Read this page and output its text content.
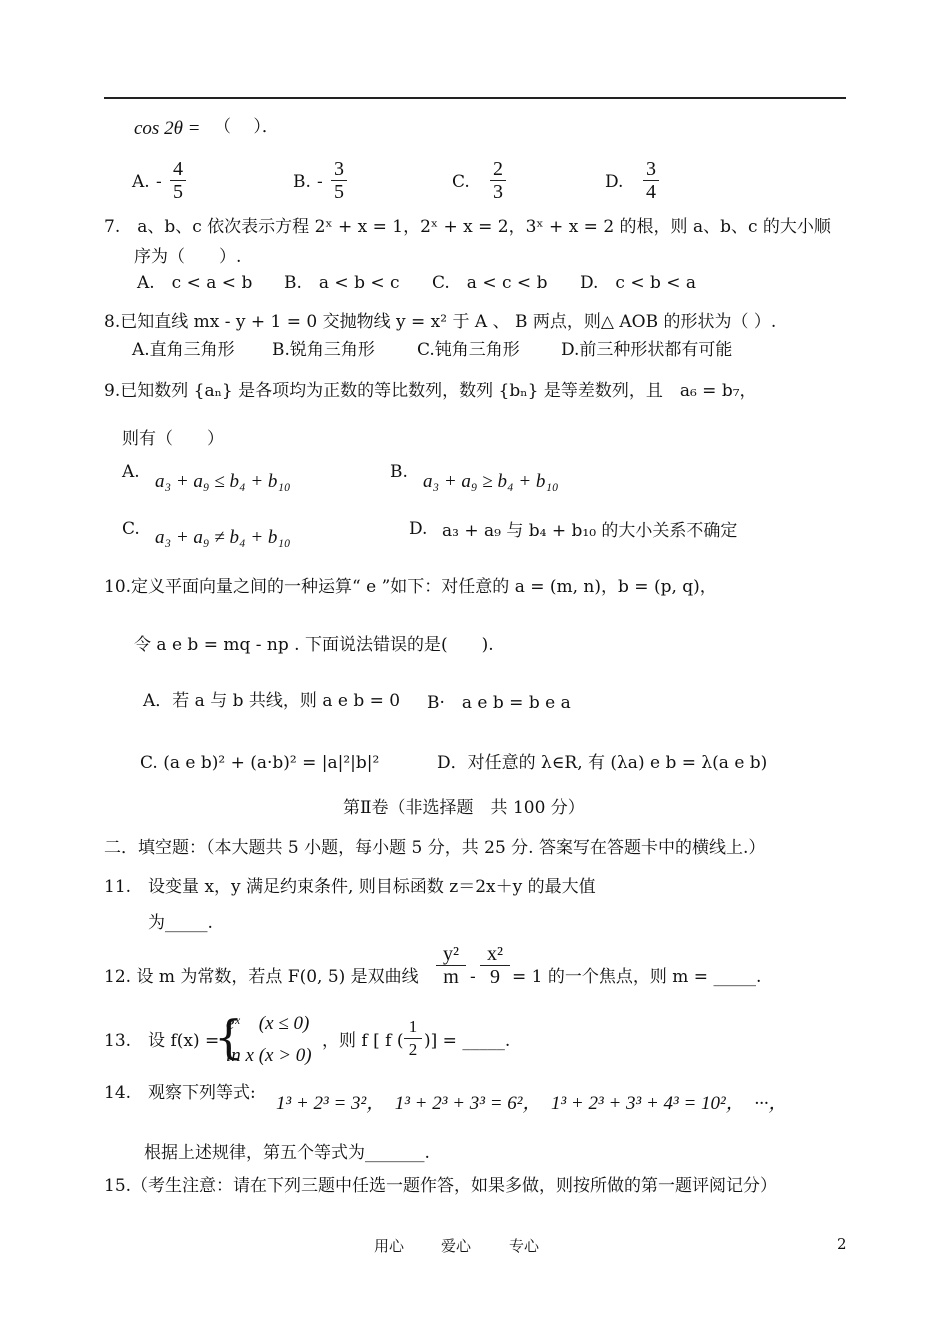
cos 2θ = （　 ）．
A. - $\frac{4}{5}$	B. - $\frac{3}{5}$	C. $\frac{2}{3}$	D. $\frac{3}{4}$
7.　a、b、c 依次表示方程 2ˣ + x = 1，2ˣ + x = 2，3ˣ + x = 2 的根，则 a、b、c 的大小顺
序为（　　）.
A.　c < a < b B.　a < b < c C.　a < c < b D.　c < b < a
8.已知直线 mx - y + 1 = 0 交抛物线 y = x² 于 A 、 B 两点，则△ AOB 的形状为（ ）.
A.直角三角形 B.锐角三角形 C.钝角三角形 D.前三种形状都有可能
9.已知数列 {aₙ} 是各项均为正数的等比数列，数列 {bₙ} 是等差数列，且　a₆ = b₇，
则有（　　）
A. a₃ + a₉ ≤ b₄ + b₁₀	B. a₃ + a₉ ≥ b₄ + b₁₀
C. a₃ + a₉ ≠ b₄ + b₁₀	D. a₃ + a₉ 与 b₄ + b₁₀ 的大小关系不确定
10.定义平面向量之间的一种运算“ e ”如下：对任意的 a = (m, n)，b = (p, q)，
令 a e b = mq - np . 下面说法错误的是(　　).
A．若 a 与 b 共线，则 a e b = 0 B·　a e b = b e a
C. (a e b)² + (a·b)² = |a|²|b|²	D．对任意的 λ∈R, 有 (λa) e b = λ(a e b)
第Ⅱ卷（非选择题　共 100 分）
二．填空题：（本大题共 5 小题，每小题 5 分，共 25 分. 答案写在答题卡中的横线上.）
11.　设变量 x，y 满足约束条件, 则目标函数 z＝2x＋y 的最大值
为_____.
12. 设 m 为常数，若点 F(0, 5) 是双曲线 $\frac{\text{y²}}{m} - \frac{\text{x²}}{9} = 1$ 的一个焦点，则 m = _____.
13.　设 f(x) =
{
eˣ　(x ≤ 0)
ln x (x > 0)
，则 f [ f ( $\frac{1}{2}$ )] = _____.
14.　观察下列等式: 1³ + 2³ = 3²，　1³ + 2³ + 3³ = 6²，　1³ + 2³ + 3³ + 4³ = 10²，　···，
根据上述规律，第五个等式为_______.
15.（考生注意：请在下列三题中任选一题作答，如果多做，则按所做的第一题评阅记分）
用心 爱心	专心	2
